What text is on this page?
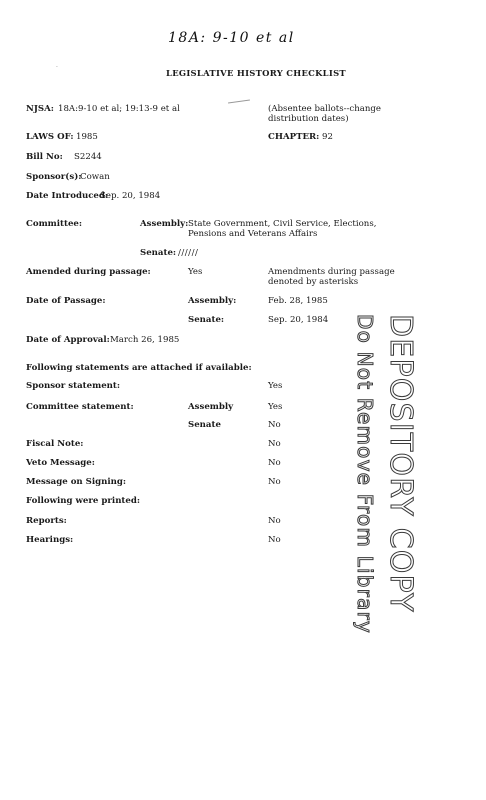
18A: 9-10 et al
·
LEGISLATIVE HISTORY CHECKLIST
NJSA: 18A:9-10 et al; 19:13-9 et al	(Absentee ballots--change
distribution dates)
LAWS OF: 1985	CHAPTER: 92
Bill No: S2244
Sponsor(s):
Cowan
Date Introduced:
Sep. 20, 1984
Committee:	Assembly: State Government, Civil Service, Elections,
Pensions and Veterans Affairs
Senate: //////
Amended during passage:	Yes	Amendments during passage
denoted by asterisks
Date of Passage:	Assembly:	Feb. 28, 1985
Senate:	Sep. 20, 1984
Date of Approval: March 26, 1985
Following statements are attached if available:
Sponsor statement:	Yes
Committee statement:	Assembly	Yes
Senate	No
Fiscal Note:	No
Veto Message:	No
Message on Signing:	No
Following were printed:
Reports:	No
Hearings:	No	DEPOSITORY COPY
Do Not Remove From Library
